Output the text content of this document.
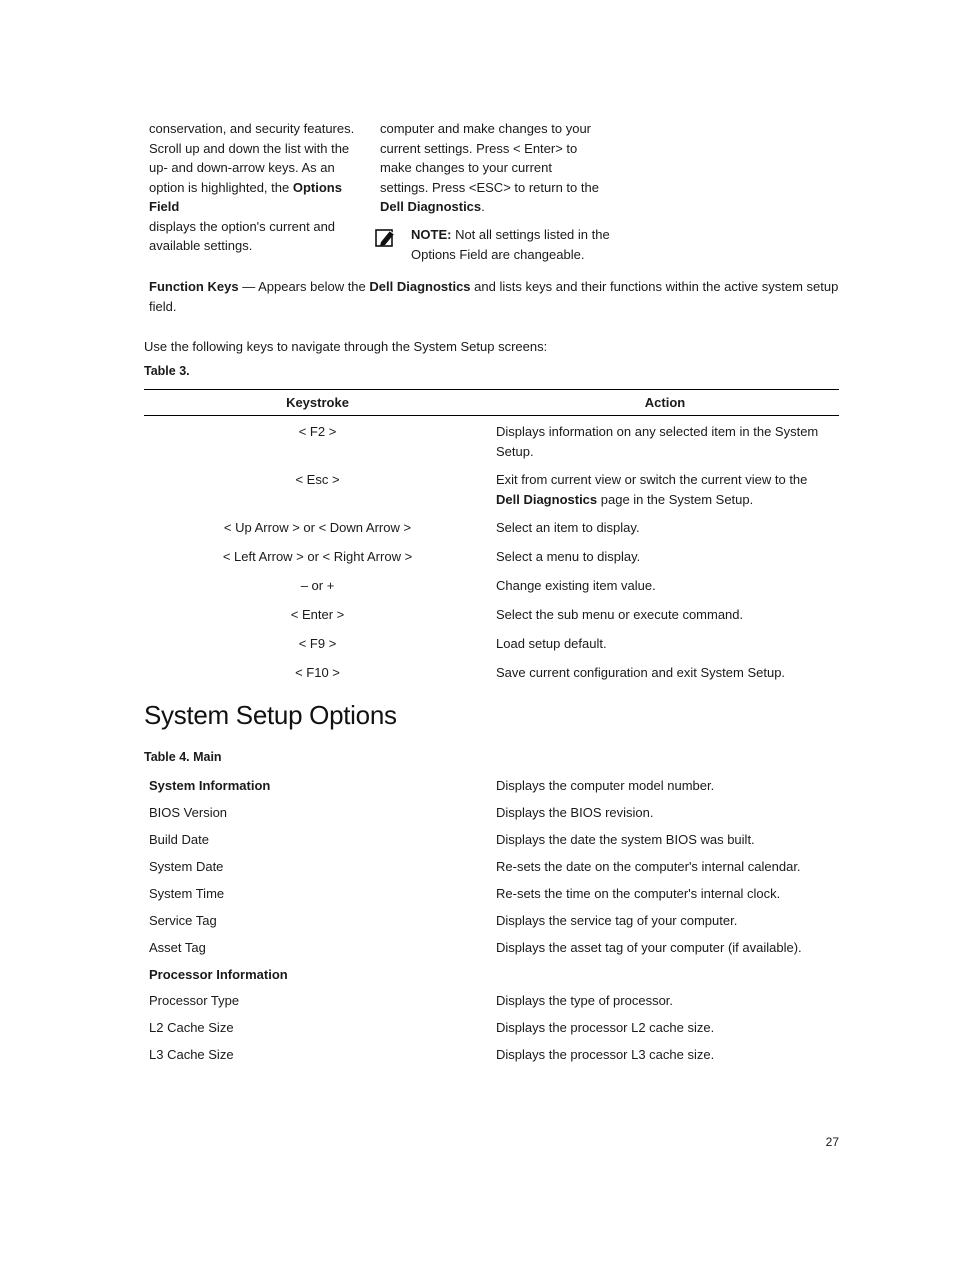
conservation, and security features.
Scroll up and down the list with the
up- and down-arrow keys. As an
option is highlighted, the Options Field
displays the option's current and
available settings.
computer and make changes to your
current settings. Press < Enter> to
make changes to your current
settings. Press <ESC> to return to the
Dell Diagnostics.
NOTE: Not all settings listed in the
Options Field are changeable.
Function Keys — Appears below the Dell Diagnostics and lists keys and their functions within the active system setup
field.
Use the following keys to navigate through the System Setup screens:
Table 3.
Keystroke	Action
< F2 >	Displays information on any selected item in the System
Setup.
< Esc >	Exit from current view or switch the current view to the
Dell Diagnostics page in the System Setup.
< Up Arrow > or < Down Arrow >	Select an item to display.
< Left Arrow > or < Right Arrow >	Select a menu to display.
– or +	Change existing item value.
< Enter >	Select the sub menu or execute command.
< F9 >	Load setup default.
< F10 >	Save current configuration and exit System Setup.
System Setup Options
Table 4. Main
System Information	Displays the computer model number.
BIOS Version	Displays the BIOS revision.
Build Date	Displays the date the system BIOS was built.
System Date	Re-sets the date on the computer's internal calendar.
System Time	Re-sets the time on the computer's internal clock.
Service Tag	Displays the service tag of your computer.
Asset Tag	Displays the asset tag of your computer (if available).
Processor Information
Processor Type	Displays the type of processor.
L2 Cache Size	Displays the processor L2 cache size.
L3 Cache Size	Displays the processor L3 cache size.
27
